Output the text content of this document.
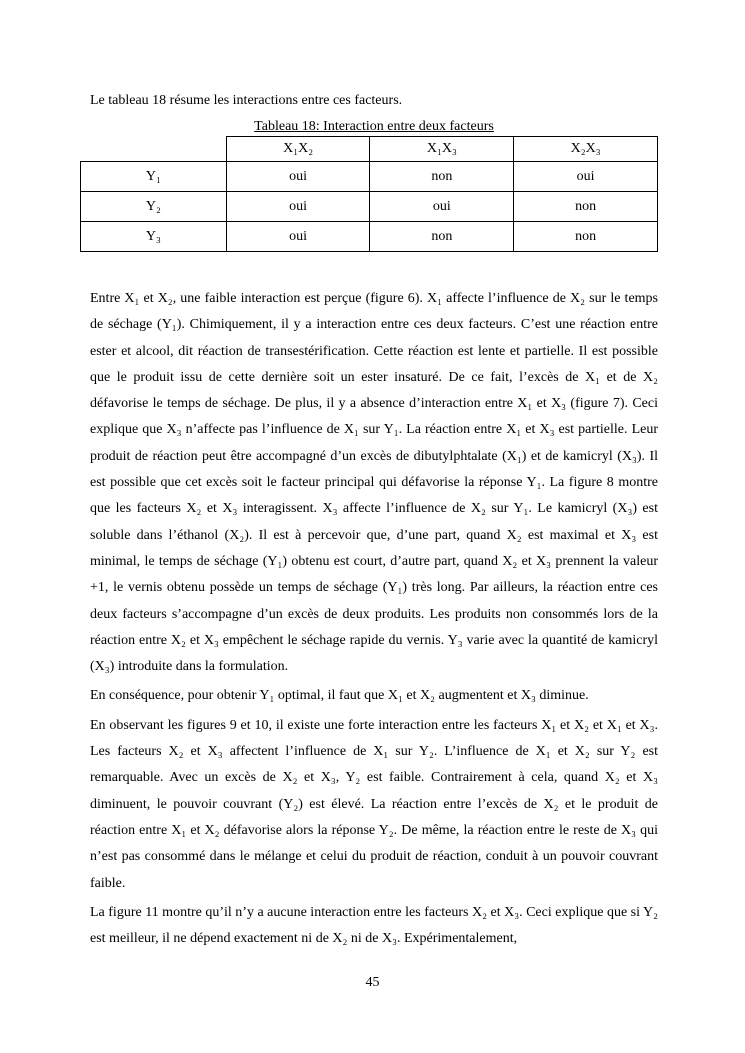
Le tableau 18 résume les interactions entre ces facteurs.

Tableau 18: Interaction entre deux facteurs

	X₁X₂	X₁X₃	X₂X₃
Y₁	oui	non	oui
Y₂	oui	oui	non
Y₃	oui	non	non

Entre X₁ et X₂, une faible interaction est perçue (figure 6). X₁ affecte l’influence de X₂ sur le temps de séchage (Y₁). Chimiquement, il y a interaction entre ces deux facteurs. C’est une réaction entre ester et alcool, dit réaction de transestérification. Cette réaction est lente et partielle. Il est possible que le produit issu de cette dernière soit un ester insaturé. De ce fait, l’excès de X₁ et de X₂ défavorise le temps de séchage. De plus, il y a absence d’interaction entre X₁ et X₃ (figure 7). Ceci explique que X₃ n’affecte pas l’influence de X₁ sur Y₁. La réaction entre X₁ et X₃ est partielle. Leur produit de réaction peut être accompagné d’un excès de dibutylphtalate (X₁) et de kamicryl (X₃). Il est possible que cet excès soit le facteur principal qui défavorise la réponse Y₁. La figure 8 montre que les facteurs X₂ et X₃ interagissent. X₃ affecte l’influence de X₂ sur Y₁. Le kamicryl (X₃) est soluble dans l’éthanol (X₂). Il est à percevoir que, d’une part, quand X₂ est maximal et X₃ est minimal, le temps de séchage (Y₁) obtenu est court, d’autre part, quand X₂ et X₃ prennent la valeur +1, le vernis obtenu possède un temps de séchage (Y₁) très long. Par ailleurs, la réaction entre ces deux facteurs s’accompagne d’un excès de deux produits. Les produits non consommés lors de la réaction entre X₂ et X₃ empêchent le séchage rapide du vernis. Y₃ varie avec la quantité de kamicryl (X₃) introduite dans la formulation.

En conséquence, pour obtenir Y₁ optimal, il faut que X₁ et X₂ augmentent et X₃ diminue.

En observant les figures 9 et 10, il existe une forte interaction entre les facteurs X₁ et X₂ et X₁ et X₃. Les facteurs X₂ et X₃ affectent l’influence de X₁ sur Y₂. L’influence de X₁ et X₂ sur Y₂ est remarquable. Avec un excès de X₂ et X₃, Y₂ est faible. Contrairement à cela, quand X₂ et X₃ diminuent, le pouvoir couvrant (Y₂) est élevé. La réaction entre l’excès de X₂ et le produit de réaction entre X₁ et X₂ défavorise alors la réponse Y₂. De même, la réaction entre le reste de X₃ qui n’est pas consommé dans le mélange et celui du produit de réaction, conduit à un pouvoir couvrant faible.

La figure 11 montre qu’il n’y a aucune interaction entre les facteurs X₂ et X₃. Ceci explique que si Y₂ est meilleur, il ne dépend exactement ni de X₂ ni de X₃. Expérimentalement,

45
